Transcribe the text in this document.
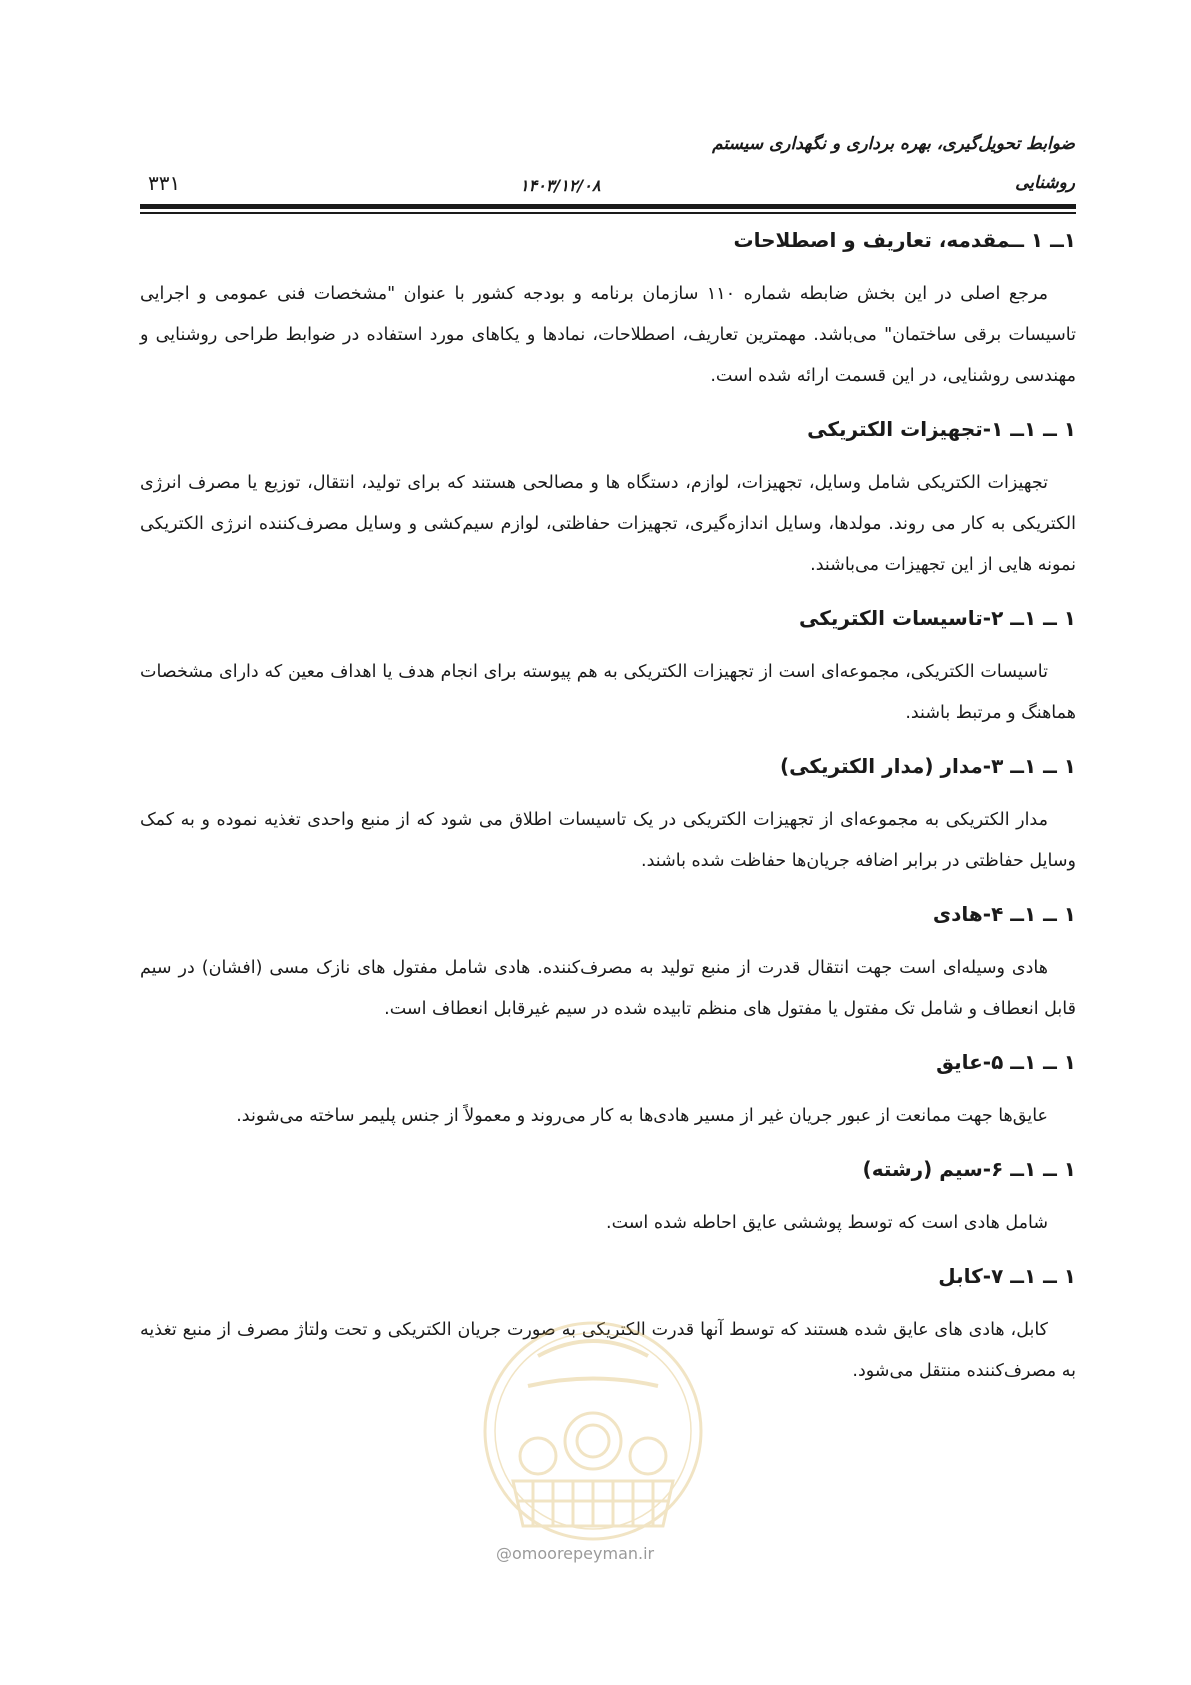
ضوابط تحویل‌گیری، بهره برداری و نگهداری سیستم
روشنایی
۱۴۰۳/۱۲/۰۸
۳۳۱
۱ــ ۱ ــمقدمه، تعاریف و اصطلاحات

مرجع اصلی در این بخش ضابطه شماره ۱۱۰ سازمان برنامه و بودجه کشور با عنوان "مشخصات فنی عمومی و اجرایی تاسیسات برقی ساختمان" می‌باشد. مهمترین تعاریف، اصطلاحات، نمادها و یکاهای مورد استفاده در ضوابط طراحی روشنایی و مهندسی روشنایی، در این قسمت ارائه شده است.

۱ ــ ۱ــ ۱-تجهیزات الکتریکی

تجهیزات الکتریکی شامل وسایل، تجهیزات، لوازم، دستگاه ها و مصالحی هستند که برای تولید، انتقال، توزیع یا مصرف انرژی الکتریکی به کار می روند. مولدها، وسایل اندازه‌گیری، تجهیزات حفاظتی، لوازم سیم‌کشی و وسایل مصرف‌کننده انرژی الکتریکی نمونه هایی از این تجهیزات می‌باشند.

۱ ــ ۱ــ ۲-تاسیسات الکتریکی

تاسیسات الکتریکی، مجموعه‌ای است از تجهیزات الکتریکی به هم پیوسته برای انجام هدف یا اهداف معین که دارای مشخصات هماهنگ و مرتبط باشند.

۱ ــ ۱ــ ۳-مدار (مدار الکتریکی)

مدار الکتریکی به مجموعه‌ای از تجهیزات الکتریکی در یک تاسیسات اطلاق می شود که از منبع واحدی تغذیه نموده و به کمک وسایل حفاظتی در برابر اضافه جریان‌ها حفاظت شده باشند.

۱ ــ ۱ــ ۴-هادی

هادی وسیله‌ای است جهت انتقال قدرت از منبع تولید به مصرف‌کننده. هادی شامل مفتول های نازک مسی (افشان) در سیم قابل انعطاف و شامل تک مفتول یا مفتول های منظم تابیده شده در سیم غیرقابل انعطاف است.

۱ ــ ۱ــ ۵-عایق

عایق‌ها جهت ممانعت از عبور جریان غیر از مسیر هادی‌ها به کار می‌روند و معمولاً از جنس پلیمر ساخته می‌شوند.

۱ ــ ۱ــ ۶-سیم (رشته)

شامل هادی است که توسط پوششی عایق احاطه شده است.

۱ ــ ۱ــ ۷-کابل

کابل، هادی های عایق شده هستند که توسط آنها قدرت الکتریکی به صورت جریان الکتریکی و تحت ولتاژ مصرف از منبع تغذیه به مصرف‌کننده منتقل می‌شود.

@omoorepeyman.ir
